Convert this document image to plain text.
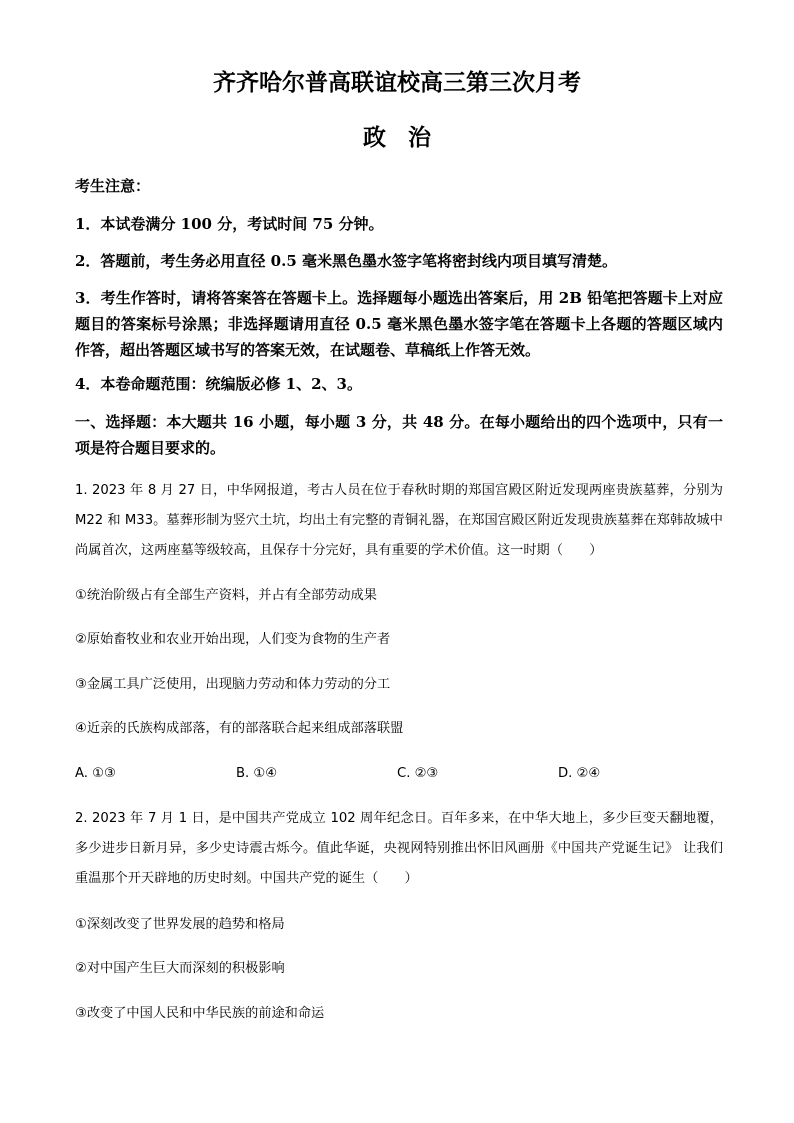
齐齐哈尔普高联谊校高三第三次月考
政治
考生注意：
1．本试卷满分 100 分，考试时间 75 分钟。
2．答题前，考生务必用直径 0.5 毫米黑色墨水签字笔将密封线内项目填写清楚。
3．考生作答时，请将答案答在答题卡上。选择题每小题选出答案后，用 2B 铅笔把答题卡上对应题目的答案标号涂黑；非选择题请用直径 0.5 毫米黑色墨水签字笔在答题卡上各题的答题区域内作答，超出答题区域书写的答案无效，在试题卷、草稿纸上作答无效。
4．本卷命题范围：统编版必修 1、2、3。
一、选择题：本大题共 16 小题，每小题 3 分，共 48 分。在每小题给出的四个选项中，只有一项是符合题目要求的。
1. 2023 年 8 月 27 日，中华网报道，考古人员在位于春秋时期的郑国宫殿区附近发现两座贵族墓葬，分别为 M22 和 M33。墓葬形制为竖穴土坑，均出土有完整的青铜礼器，在郑国宫殿区附近发现贵族墓葬在郑韩故城中尚属首次，这两座墓等级较高，且保存十分完好，具有重要的学术价值。这一时期（　　）
①统治阶级占有全部生产资料，并占有全部劳动成果
②原始畜牧业和农业开始出现，人们变为食物的生产者
③金属工具广泛使用，出现脑力劳动和体力劳动的分工
④近亲的氏族构成部落，有的部落联合起来组成部落联盟
A. ①③	B. ①④	C. ②③	D. ②④
2. 2023 年 7 月 1 日，是中国共产党成立 102 周年纪念日。百年多来，在中华大地上，多少巨变天翻地覆，多少进步日新月异，多少史诗震古烁今。值此华诞，央视网特别推出怀旧风画册《中国共产党诞生记》 让我们重温那个开天辟地的历史时刻。中国共产党的诞生（　　）
①深刻改变了世界发展的趋势和格局
②对中国产生巨大而深刻的积极影响
③改变了中国人民和中华民族的前途和命运
